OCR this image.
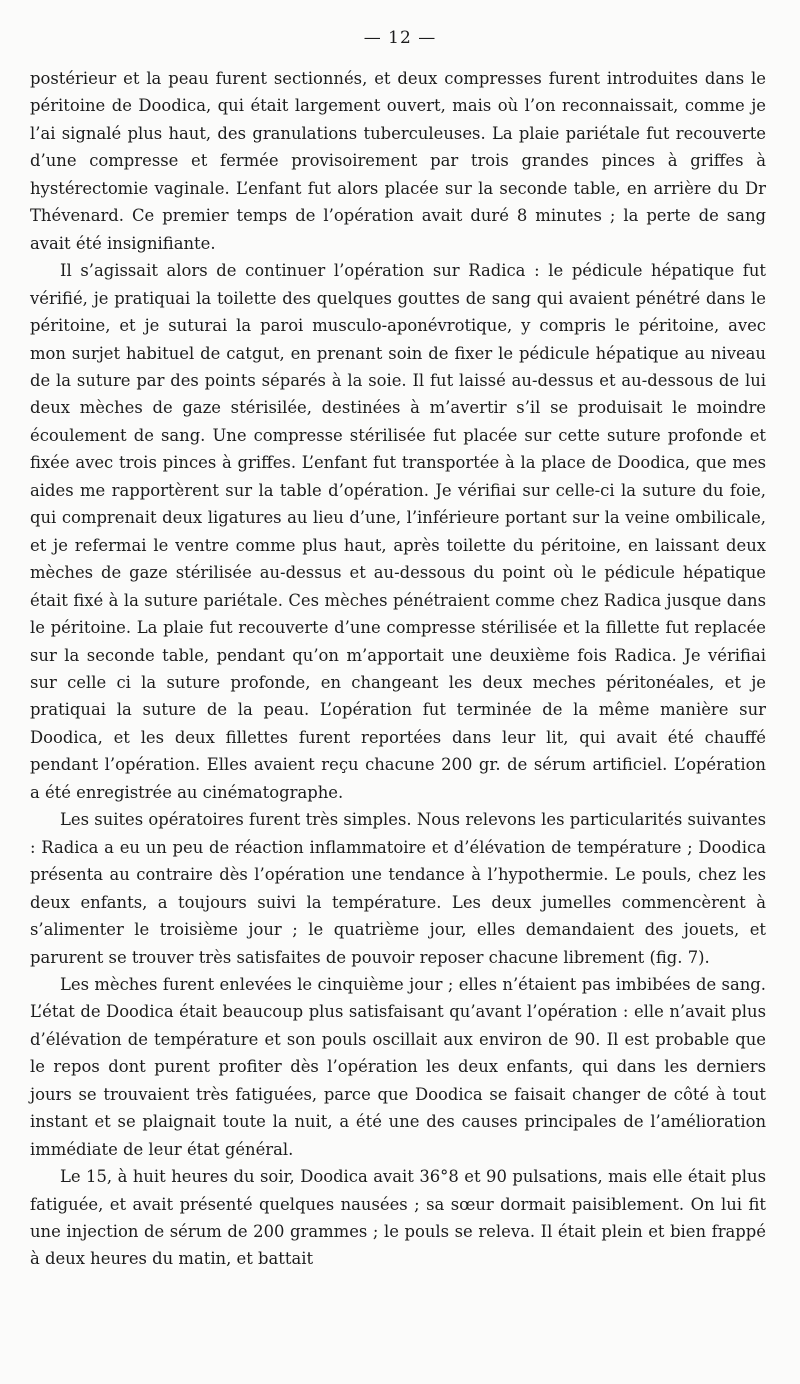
— 12 —

postérieur et la peau furent sectionnés, et deux compresses furent introduites dans le péritoine de Doodica, qui était largement ouvert, mais où l’on reconnaissait, comme je l’ai signalé plus haut, des granulations tuberculeuses. La plaie pariétale fut recouverte d’une compresse et fermée provisoirement par trois grandes pinces à griffes à hystérectomie vaginale. L’enfant fut alors placée sur la seconde table, en arrière du Dr Thévenard. Ce premier temps de l’opération avait duré 8 minutes ; la perte de sang avait été insignifiante.

Il s’agissait alors de continuer l’opération sur Radica : le pédicule hépatique fut vérifié, je pratiquai la toilette des quelques gouttes de sang qui avaient pénétré dans le péritoine, et je suturai la paroi musculo-aponévrotique, y compris le péritoine, avec mon surjet habituel de catgut, en prenant soin de fixer le pédicule hépatique au niveau de la suture par des points séparés à la soie. Il fut laissé au-dessus et au-dessous de lui deux mèches de gaze stérisilée, destinées à m’avertir s’il se produisait le moindre écoulement de sang. Une compresse stérilisée fut placée sur cette suture profonde et fixée avec trois pinces à griffes. L’enfant fut transportée à la place de Doodica, que mes aides me rapportèrent sur la table d’opération. Je vérifiai sur celle-ci la suture du foie, qui comprenait deux ligatures au lieu d’une, l’inférieure portant sur la veine ombilicale, et je refermai le ventre comme plus haut, après toilette du péritoine, en laissant deux mèches de gaze stérilisée au-dessus et au-dessous du point où le pédicule hépatique était fixé à la suture pariétale. Ces mèches pénétraient comme chez Radica jusque dans le péritoine. La plaie fut recouverte d’une compresse stérilisée et la fillette fut replacée sur la seconde table, pendant qu’on m’apportait une deuxième fois Radica. Je vérifiai sur celle ci la suture profonde, en changeant les deux meches péritonéales, et je pratiquai la suture de la peau. L’opération fut terminée de la même manière sur Doodica, et les deux fillettes furent reportées dans leur lit, qui avait été chauffé pendant l’opération. Elles avaient reçu chacune 200 gr. de sérum artificiel. L’opération a été enregistrée au cinématographe.

Les suites opératoires furent très simples. Nous relevons les particularités suivantes : Radica a eu un peu de réaction inflammatoire et d’élévation de température ; Doodica présenta au contraire dès l’opération une tendance à l’hypothermie. Le pouls, chez les deux enfants, a toujours suivi la température. Les deux jumelles commencèrent à s’alimenter le troisième jour ; le quatrième jour, elles demandaient des jouets, et parurent se trouver très satisfaites de pouvoir reposer chacune librement (fig. 7).

Les mèches furent enlevées le cinquième jour ; elles n’étaient pas imbibées de sang. L’état de Doodica était beaucoup plus satisfaisant qu’avant l’opération : elle n’avait plus d’élévation de température et son pouls oscillait aux environ de 90. Il est probable que le repos dont purent profiter dès l’opération les deux enfants, qui dans les derniers jours se trouvaient très fatiguées, parce que Doodica se faisait changer de côté à tout instant et se plaignait toute la nuit, a été une des causes principales de l’amélioration immédiate de leur état général.

Le 15, à huit heures du soir, Doodica avait 36°8 et 90 pulsations, mais elle était plus fatiguée, et avait présenté quelques nausées ; sa sœur dormait paisiblement. On lui fit une injection de sérum de 200 grammes ; le pouls se releva. Il était plein et bien frappé à deux heures du matin, et battait
